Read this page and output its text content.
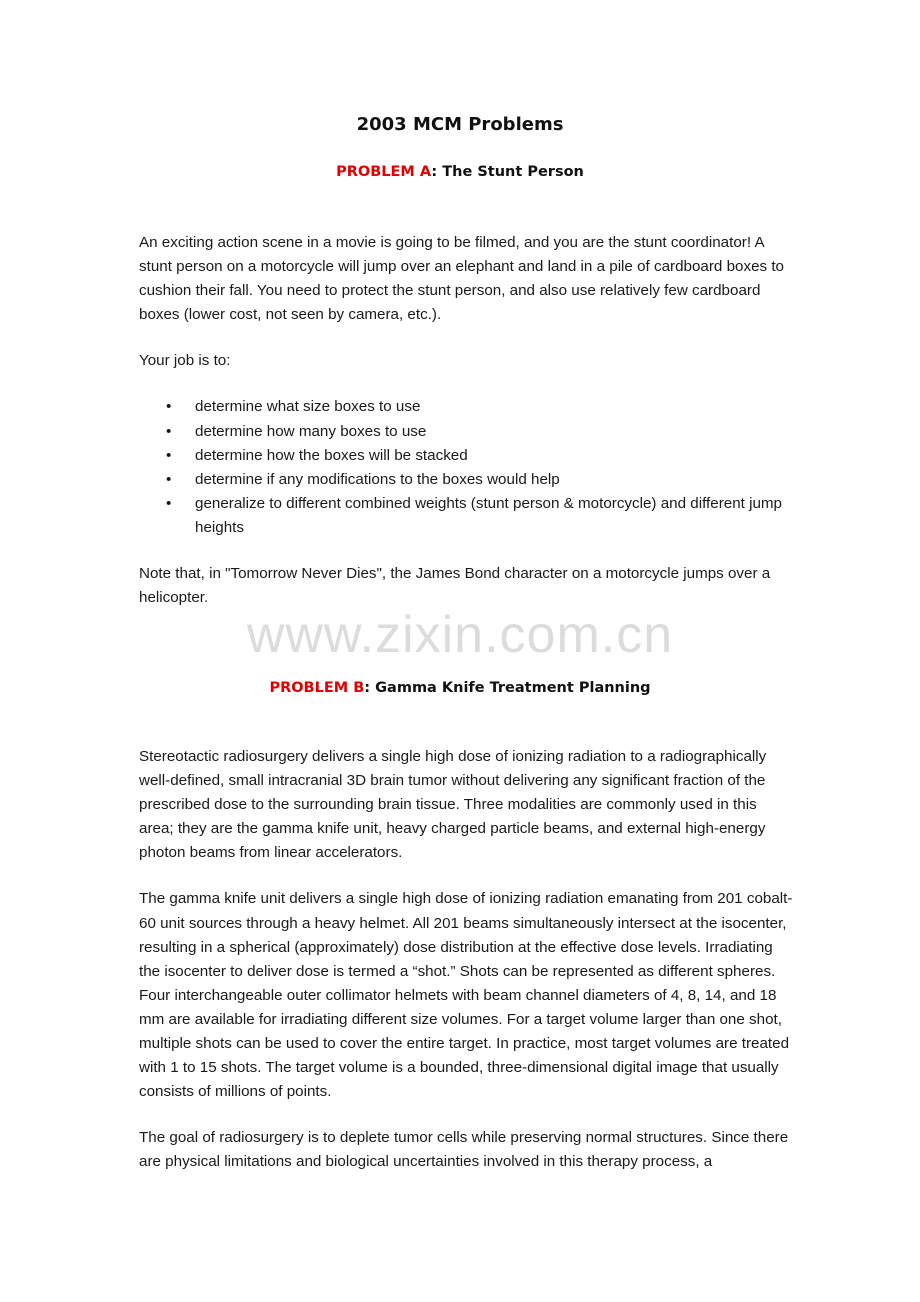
2003 MCM Problems
PROBLEM A: The Stunt Person

An exciting action scene in a movie is going to be filmed, and you are the stunt coordinator! A stunt person on a motorcycle will jump over an elephant and land in a pile of cardboard boxes to cushion their fall. You need to protect the stunt person, and also use relatively few cardboard boxes (lower cost, not seen by camera, etc.).

Your job is to:

• determine what size boxes to use
• determine how many boxes to use
• determine how the boxes will be stacked
• determine if any modifications to the boxes would help
• generalize to different combined weights (stunt person & motorcycle) and different jump heights

Note that, in "Tomorrow Never Dies", the James Bond character on a motorcycle jumps over a helicopter.

www.zixin.com.cn
PROBLEM B: Gamma Knife Treatment Planning

Stereotactic radiosurgery delivers a single high dose of ionizing radiation to a radiographically well-defined, small intracranial 3D brain tumor without delivering any significant fraction of the prescribed dose to the surrounding brain tissue. Three modalities are commonly used in this area; they are the gamma knife unit, heavy charged particle beams, and external high-energy photon beams from linear accelerators.

The gamma knife unit delivers a single high dose of ionizing radiation emanating from 201 cobalt-60 unit sources through a heavy helmet. All 201 beams simultaneously intersect at the isocenter, resulting in a spherical (approximately) dose distribution at the effective dose levels. Irradiating the isocenter to deliver dose is termed a “shot.” Shots can be represented as different spheres. Four interchangeable outer collimator helmets with beam channel diameters of 4, 8, 14, and 18 mm are available for irradiating different size volumes. For a target volume larger than one shot, multiple shots can be used to cover the entire target. In practice, most target volumes are treated with 1 to 15 shots. The target volume is a bounded, three-dimensional digital image that usually consists of millions of points.

The goal of radiosurgery is to deplete tumor cells while preserving normal structures. Since there are physical limitations and biological uncertainties involved in this therapy process, a
